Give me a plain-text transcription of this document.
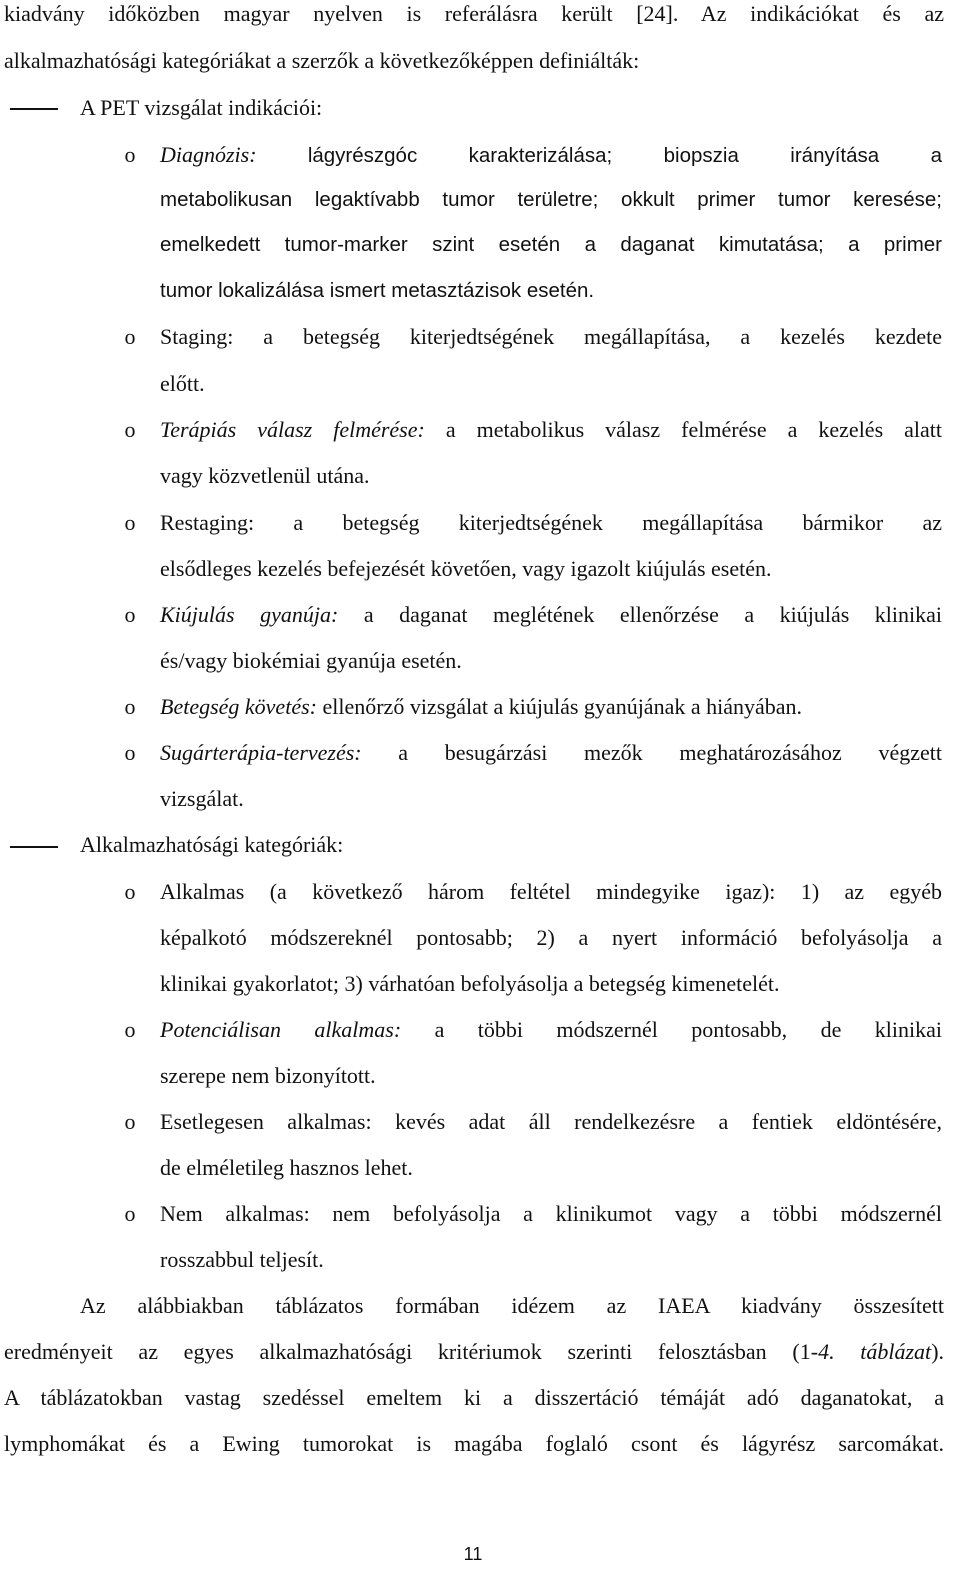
kiadvány időközben magyar nyelven is referálásra került [24]. Az indikációkat és az
alkalmazhatósági kategóriákat a szerzők a következőképpen definiálták:
A PET vizsgálat indikációi:
o Diagnózis:	lágyrészgóc karakterizálása; biopszia irányítása a
metabolikusan legaktívabb tumor területre; okkult primer tumor keresése;
emelkedett tumor-marker szint esetén a daganat kimutatása; a primer
tumor lokalizálása ismert metasztázisok esetén.
o Staging: a betegség kiterjedtségének megállapítása, a kezelés kezdete
előtt.
o Terápiás válasz felmérése: a metabolikus válasz felmérése a kezelés alatt
vagy közvetlenül utána.
o Restaging: a betegség kiterjedtségének megállapítása bármikor az
elsődleges kezelés befejezését követően, vagy igazolt kiújulás esetén.
o Kiújulás gyanúja: a daganat meglétének ellenőrzése a kiújulás klinikai
és/vagy biokémiai gyanúja esetén.
o Betegség követés: ellenőrző vizsgálat a kiújulás gyanújának a hiányában.
o Sugárterápia-tervezés: a besugárzási mezők meghatározásához végzett
vizsgálat.
Alkalmazhatósági kategóriák:
o Alkalmas (a következő három feltétel mindegyike igaz): 1) az egyéb
képalkotó módszereknél pontosabb; 2) a nyert információ befolyásolja a
klinikai gyakorlatot; 3) várhatóan befolyásolja a betegség kimenetelét.
o Potenciálisan alkalmas: a többi módszernél pontosabb, de klinikai
szerepe nem bizonyított.
o Esetlegesen alkalmas: kevés adat áll rendelkezésre a fentiek eldöntésére,
de elméletileg hasznos lehet.
o Nem alkalmas: nem befolyásolja a klinikumot vagy a többi módszernél
rosszabbul teljesít.
Az alábbiakban táblázatos formában idézem az IAEA kiadvány összesített
eredményeit az egyes alkalmazhatósági kritériumok szerinti felosztásban (1-4. táblázat).
A táblázatokban vastag szedéssel emeltem ki a disszertáció témáját adó daganatokat, a
lymphomákat és a Ewing tumorokat is magába foglaló csont és lágyrész sarcomákat.
11
